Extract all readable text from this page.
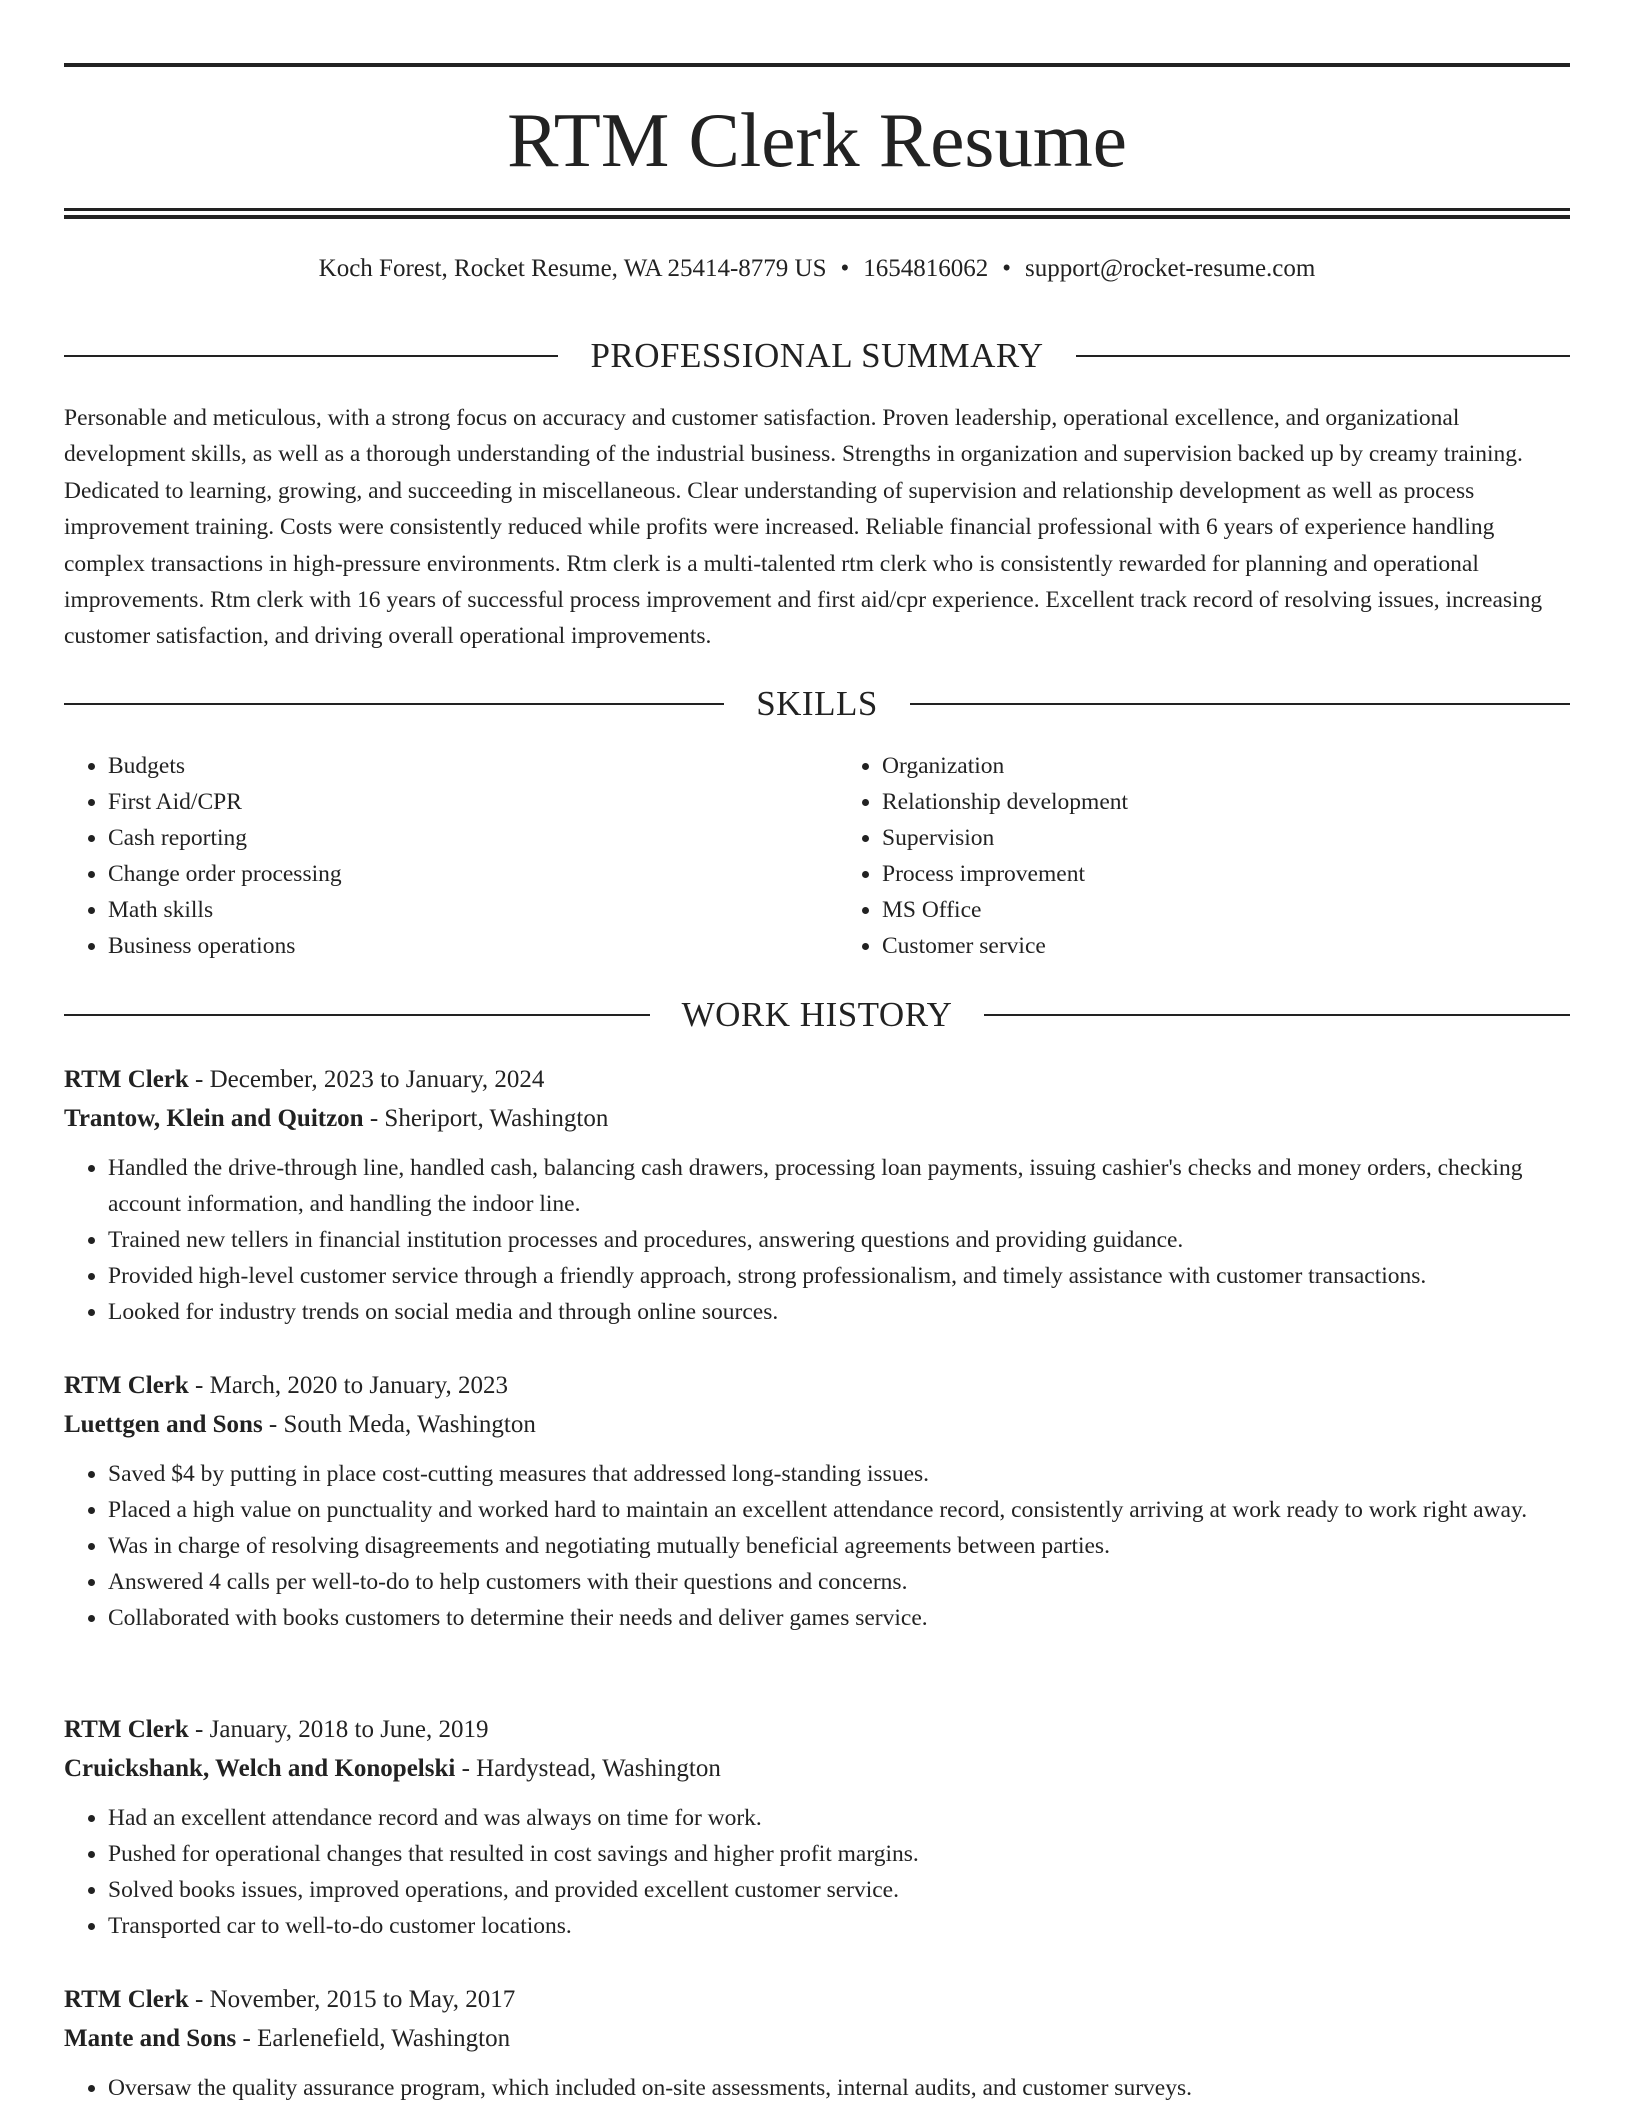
RTM Clerk Resume
Koch Forest, Rocket Resume, WA 25414-8779 US • 1654816062 • support@rocket-resume.com
PROFESSIONAL SUMMARY

Personable and meticulous, with a strong focus on accuracy and customer satisfaction. Proven leadership, operational excellence, and organizational development skills, as well as a thorough understanding of the industrial business. Strengths in organization and supervision backed up by creamy training. Dedicated to learning, growing, and succeeding in miscellaneous. Clear understanding of supervision and relationship development as well as process improvement training. Costs were consistently reduced while profits were increased. Reliable financial professional with 6 years of experience handling complex transactions in high-pressure environments. Rtm clerk is a multi-talented rtm clerk who is consistently rewarded for planning and operational improvements. Rtm clerk with 16 years of successful process improvement and first aid/cpr experience. Excellent track record of resolving issues, increasing customer satisfaction, and driving overall operational improvements.

SKILLS
• Budgets
• First Aid/CPR
• Cash reporting
• Change order processing
• Math skills
• Business operations
• Organization
• Relationship development
• Supervision
• Process improvement
• MS Office
• Customer service
WORK HISTORY
RTM Clerk - December, 2023 to January, 2024
Trantow, Klein and Quitzon - Sheriport, Washington
• Handled the drive-through line, handled cash, balancing cash drawers, processing loan payments, issuing cashier's checks and money orders, checking account information, and handling the indoor line.
• Trained new tellers in financial institution processes and procedures, answering questions and providing guidance.
• Provided high-level customer service through a friendly approach, strong professionalism, and timely assistance with customer transactions.
• Looked for industry trends on social media and through online sources.
RTM Clerk - March, 2020 to January, 2023
Luettgen and Sons - South Meda, Washington
• Saved $4 by putting in place cost-cutting measures that addressed long-standing issues.
• Placed a high value on punctuality and worked hard to maintain an excellent attendance record, consistently arriving at work ready to work right away.
• Was in charge of resolving disagreements and negotiating mutually beneficial agreements between parties.
• Answered 4 calls per well-to-do to help customers with their questions and concerns.
• Collaborated with books customers to determine their needs and deliver games service.
RTM Clerk - January, 2018 to June, 2019
Cruickshank, Welch and Konopelski - Hardystead, Washington
• Had an excellent attendance record and was always on time for work.
• Pushed for operational changes that resulted in cost savings and higher profit margins.
• Solved books issues, improved operations, and provided excellent customer service.
• Transported car to well-to-do customer locations.
RTM Clerk - November, 2015 to May, 2017
Mante and Sons - Earlenefield, Washington
• Oversaw the quality assurance program, which included on-site assessments, internal audits, and customer surveys.
